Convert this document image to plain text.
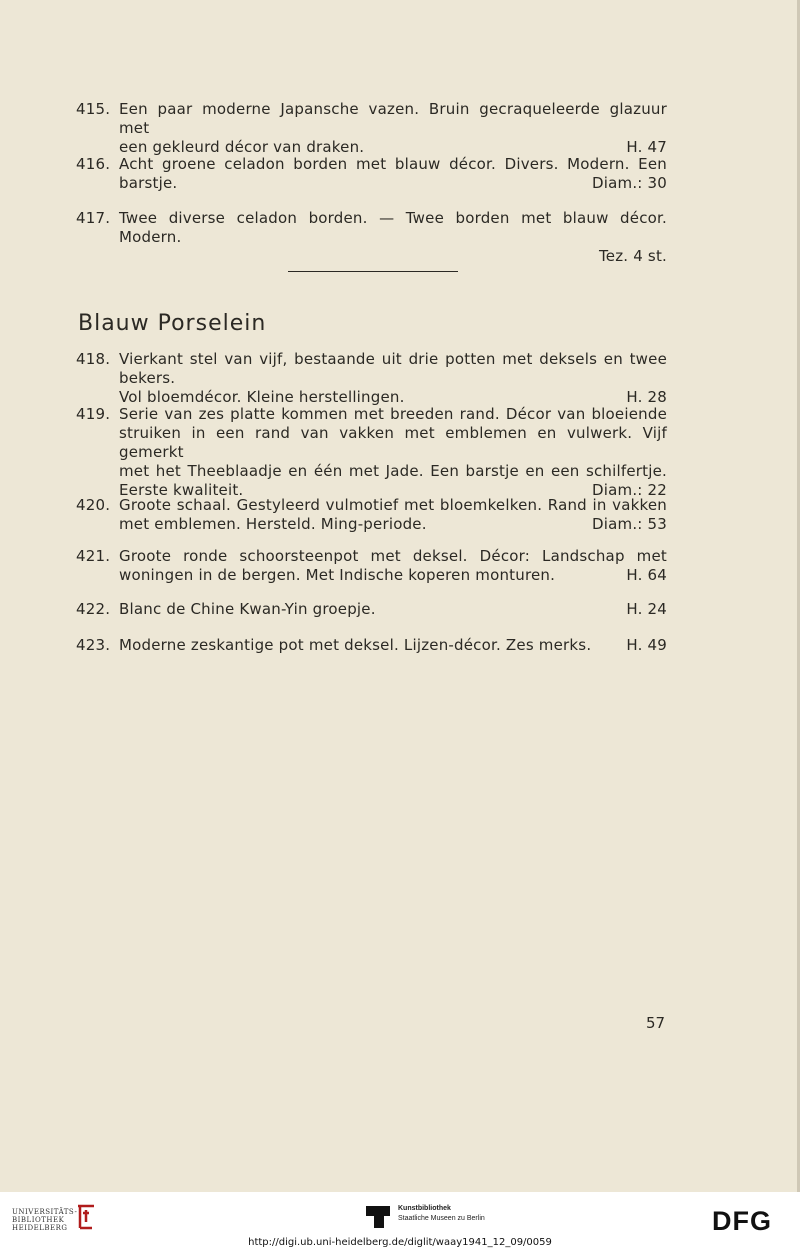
415. Een paar moderne Japansche vazen. Bruin gecraqueleerde glazuur met
een gekleurd décor van draken.	H. 47
416. Acht groene celadon borden met blauw décor. Divers. Modern. Een
barstje.	Diam.: 30
417. Twee diverse celadon borden. — Twee borden met blauw décor. Modern.
Tez. 4 st.
Blauw Porselein
418. Vierkant stel van vijf, bestaande uit drie potten met deksels en twee bekers.
Vol bloemdécor. Kleine herstellingen.	H. 28
419. Serie van zes platte kommen met breeden rand. Décor van bloeiende
struiken in een rand van vakken met emblemen en vulwerk. Vijf gemerkt
met het Theeblaadje en één met Jade. Een barstje en een schilfertje.
Eerste kwaliteit.	Diam.: 22
420. Groote schaal. Gestyleerd vulmotief met bloemkelken. Rand in vakken
met emblemen. Hersteld. Ming-periode.	Diam.: 53
421. Groote ronde schoorsteenpot met deksel. Décor: Landschap met
woningen in de bergen. Met Indische koperen monturen.	H. 64
422. Blanc de Chine Kwan-Yin groepje.	H. 24
423. Moderne zeskantige pot met deksel. Lijzen-décor. Zes merks. H. 49
57
UNIVERSITÄTS-
BIBLIOTHEK
HEIDELBERG
Kunstbibliothek
Staatliche Museen zu Berlin	DFG
http://digi.ub.uni-heidelberg.de/diglit/waay1941_12_09/0059
